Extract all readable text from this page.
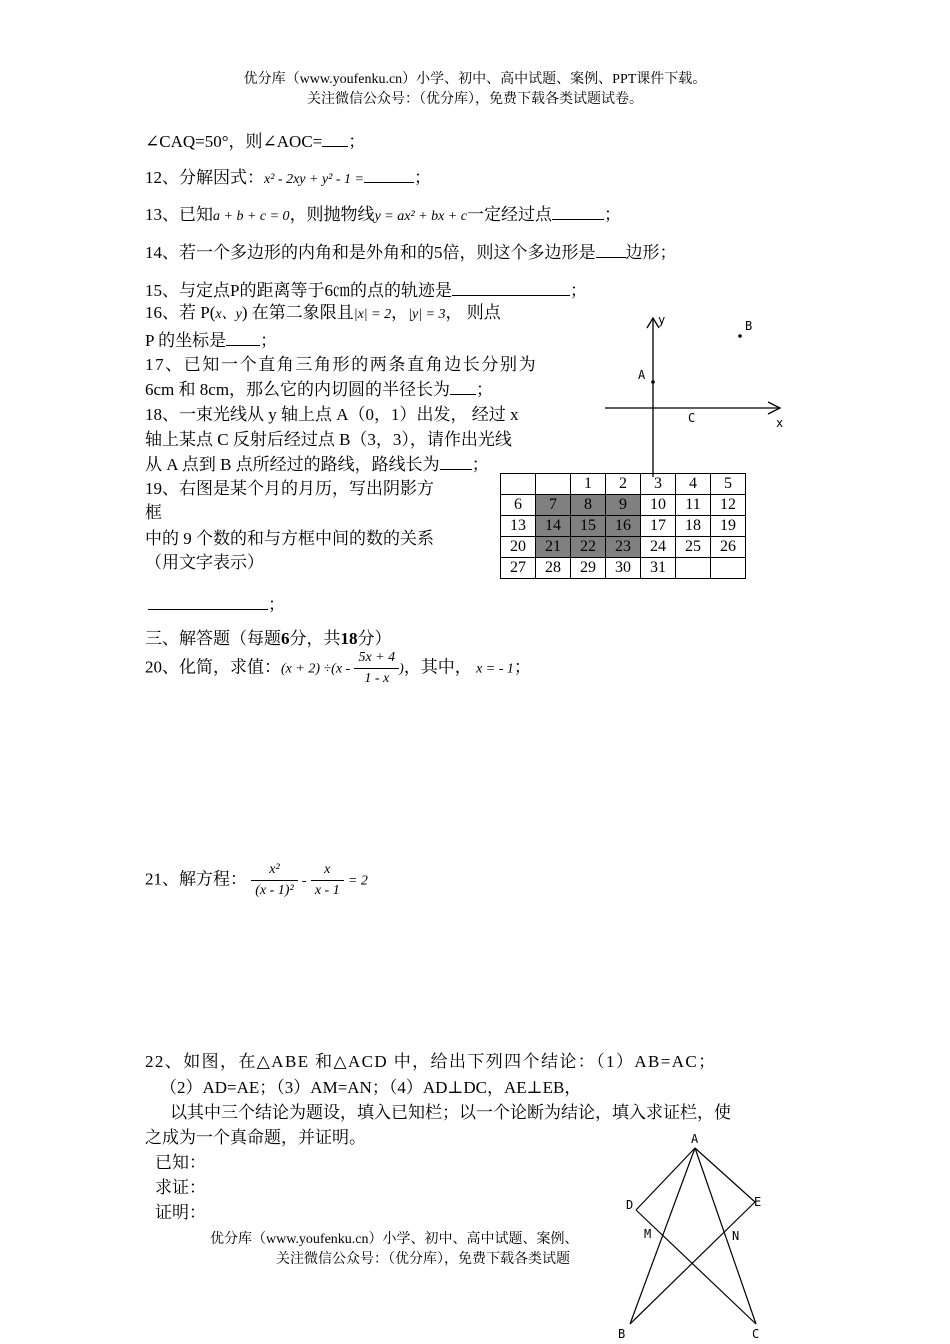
优分库（www.youfenku.cn）小学、初中、高中试题、案例、PPT课件下载。
关注微信公众号：（优分库），免费下载各类试题试卷。
∠CAQ=50°，则∠AOC= ；
12、分解因式：x² - 2xy + y² - 1 =	；
13、已知a + b + c = 0，则抛物线y = ax² + bx + c一定经过点	；
14、若一个多边形的内角和是外角和的5倍，则这个多边形是 边形；
15、与定点P的距离等于6㎝的点的轨迹是	；
16、若 P(x、y) 在第二象限且|x| = 2，|y| = 3， 则点
P 的坐标是 ；
17、已知一个直角三角形的两条直角边长分别为
6cm 和 8cm，那么它的内切圆的半径长为 ；
18、一束光线从 y 轴上点 A（0，1）出发， 经过 x
轴上某点 C 反射后经过点 B（3，3），请作出光线
从 A 点到 B 点所经过的路线，路线长为 ；
19、右图是某个月的月历，写出阴影方
框
中的 9 个数的和与方框中间的数的关系
（用文字表示）
；
y
x
A
B
C
		1	2	3	4	5
6	7	8	9	10	11	12
13	14	15	16	17	18	19
20	21	22	23	24	25	26
27	28	29	30	31		
三、解答题（每题6分，共18分）
20、化简，求值：$(x + 2) \div(x - \frac{5x + 4}{1 - x}$ )，其中， x = - 1；
21、解方程： $\frac{\text{x²}}{\text{(x - 1)²}} - \frac{x}{x - 1} = 2$
22、如图，在△ABE 和△ACD 中，给出下列四个结论：（1）AB=AC；
（2）AD=AE；（3）AM=AN；（4）AD⊥DC，AE⊥EB，
以其中三个结论为题设，填入已知栏；以一个论断为结论，填入求证栏，使
之成为一个真命题，并证明。
已知：
求证：
证明：
A
D	E
M	N
B	C
优分库（www.youfenku.cn）小学、初中、高中试题、案例、
关注微信公众号：（优分库），免费下载各类试题
